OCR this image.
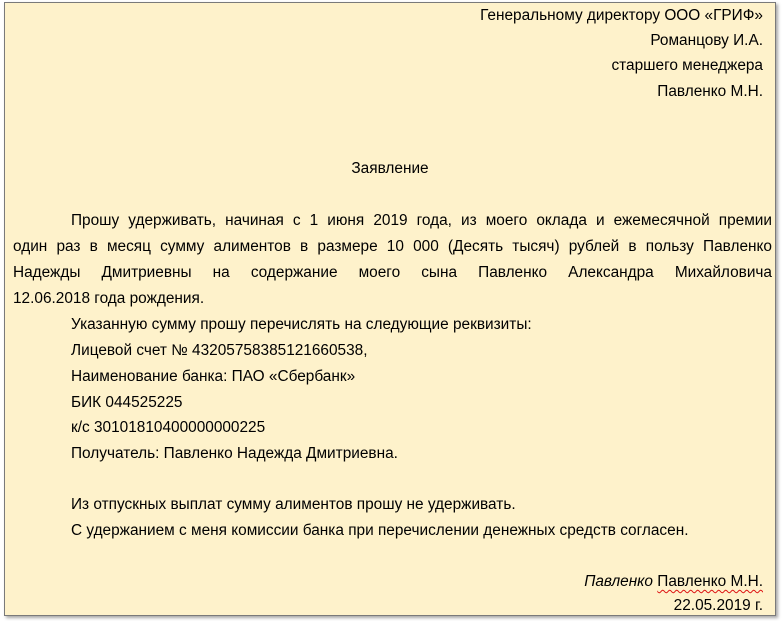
Генеральному директору ООО «ГРИФ»
Романцову И.А.
старшего менеджера
Павленко М.Н.
Заявление
Прошу удерживать, начиная с 1 июня 2019 года, из моего оклада и ежемесячной премии
один раз в месяц сумму алиментов в размере 10 000 (Десять тысяч) рублей в пользу Павленко
Надежды Дмитриевны на содержание моего сына Павленко Александра Михайловича
12.06.2018 года рождения.
Указанную сумму прошу перечислять на следующие реквизиты:
Лицевой счет № 43205758385121660538,
Наименование банка: ПАО «Сбербанк»
БИК 044525225
к/с 30101810400000000225
Получатель: Павленко Надежда Дмитриевна.
Из отпускных выплат сумму алиментов прошу не удерживать.
С удержанием с меня комиссии банка при перечислении денежных средств согласен.
Павленко Павленко М.Н.
22.05.2019 г.
